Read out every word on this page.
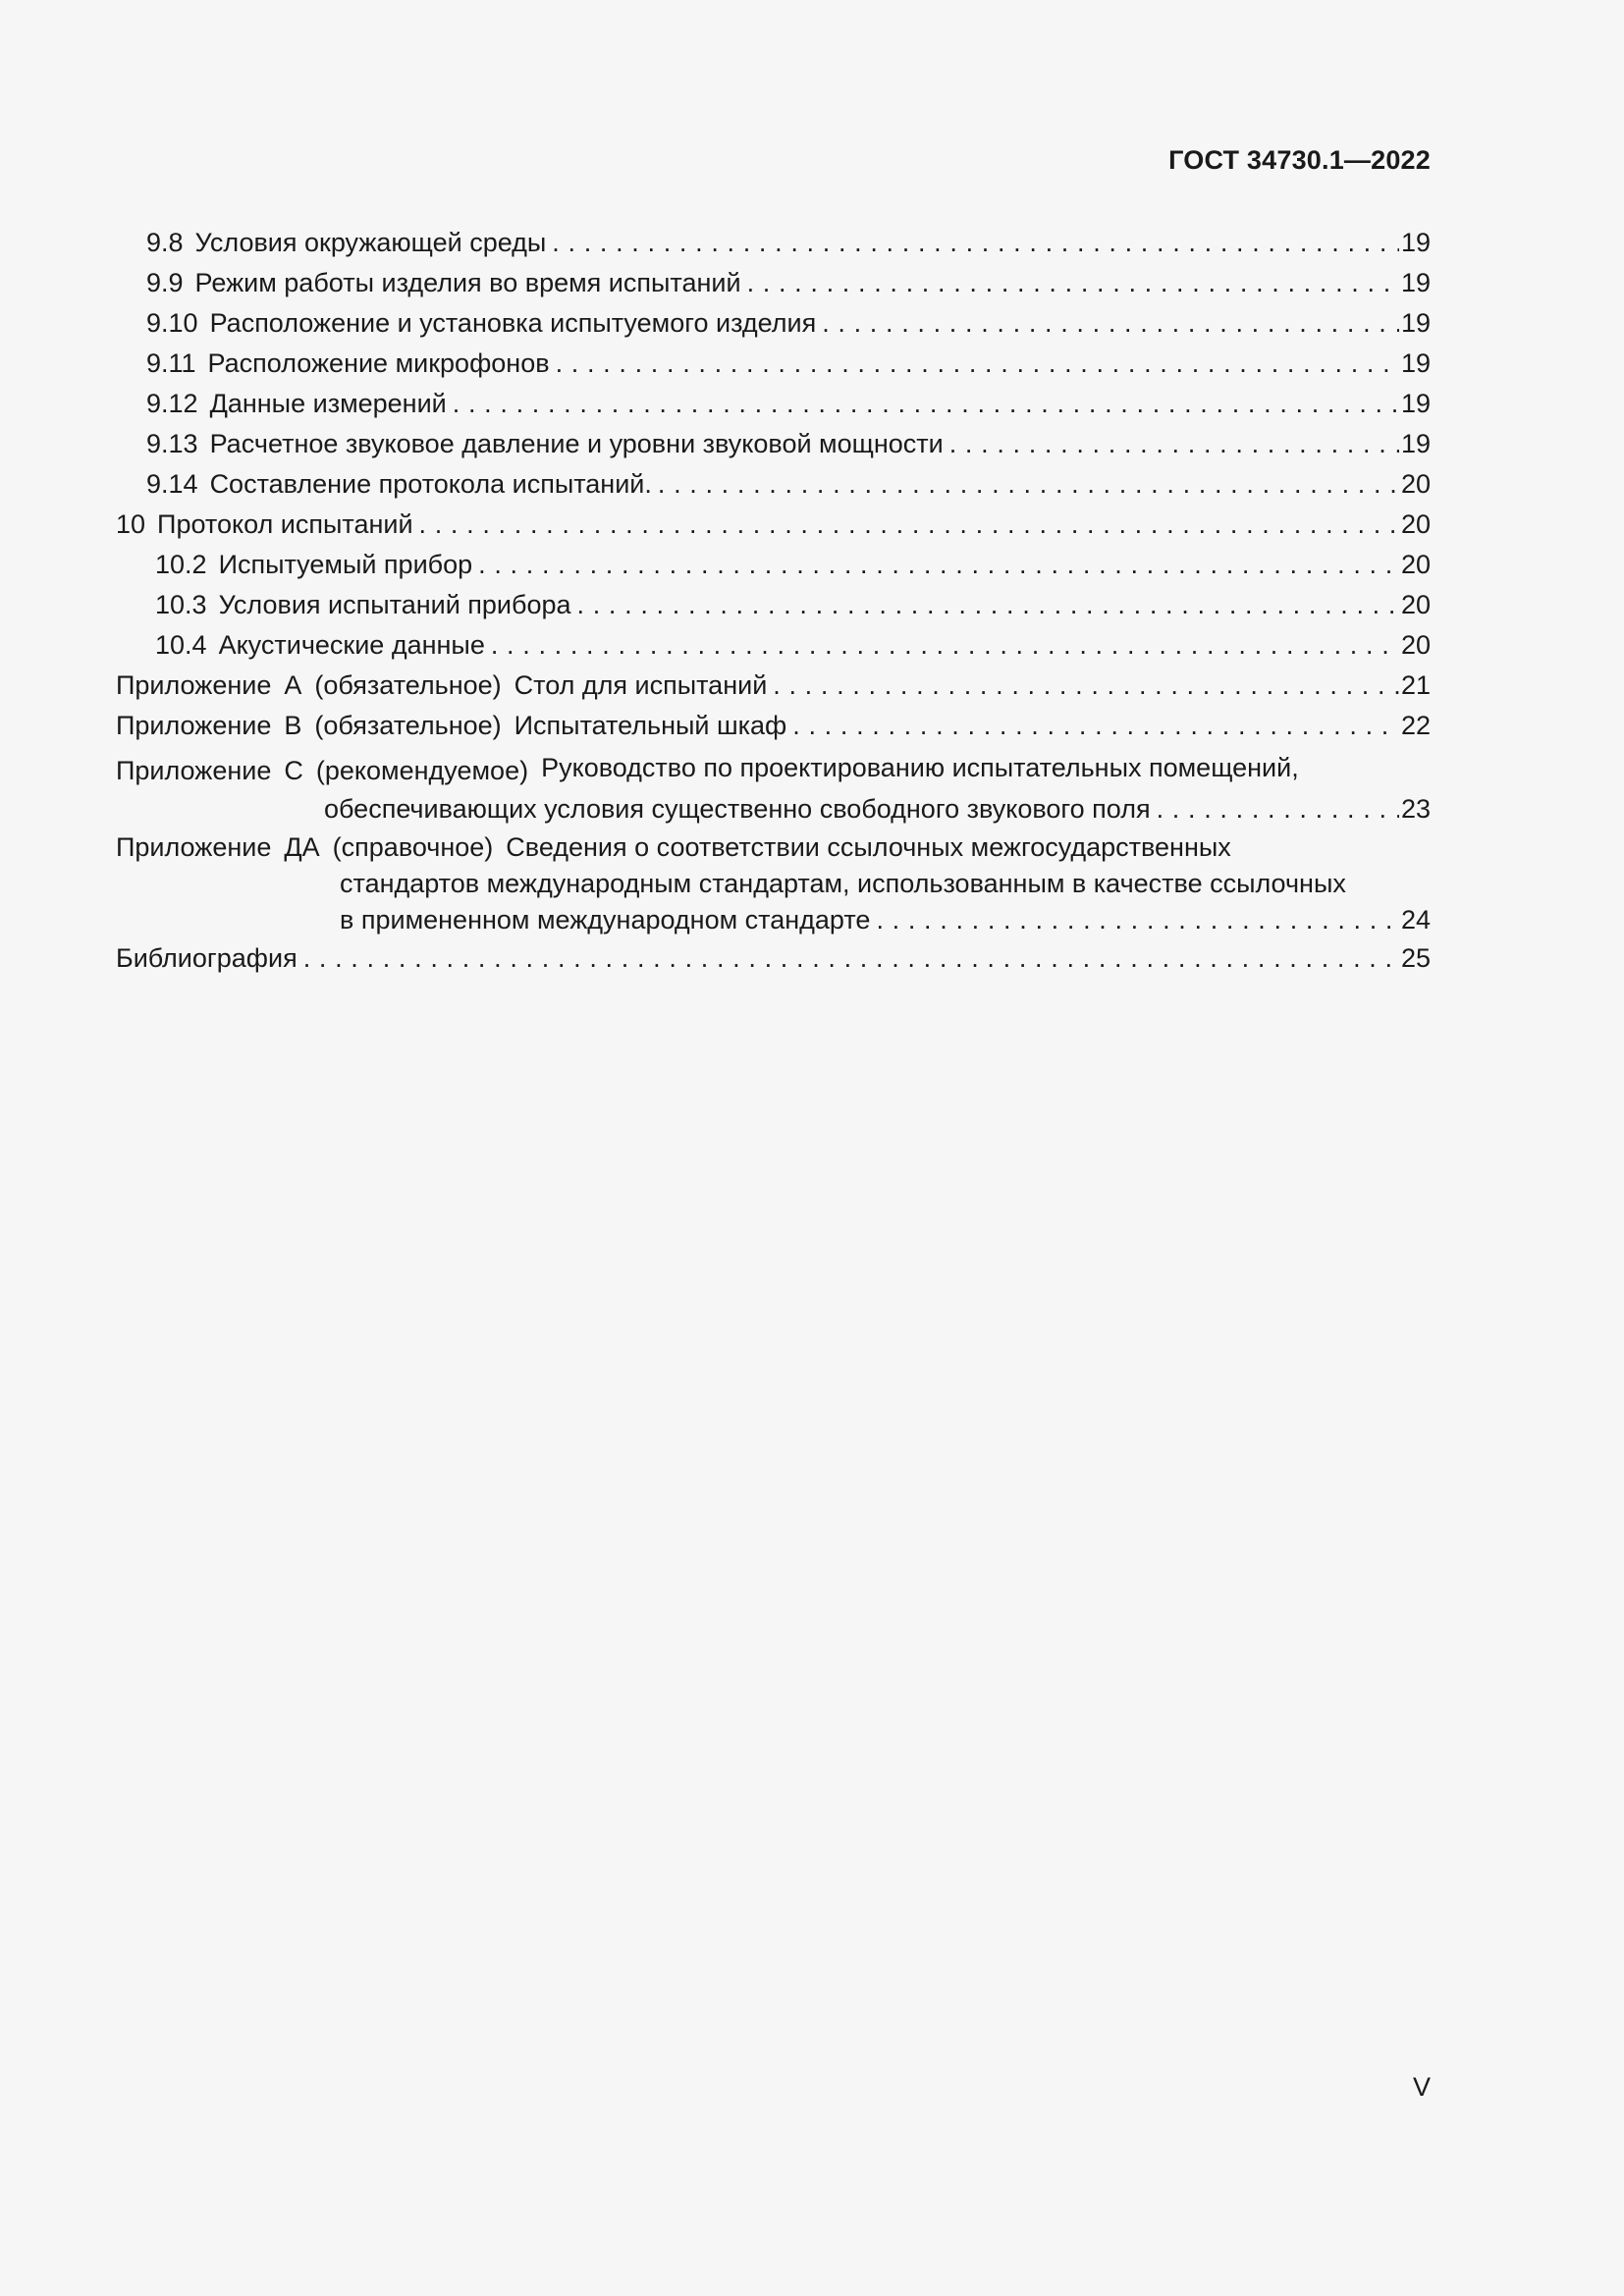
ГОСТ 34730.1—2022
9.8 Условия окружающей среды . . .	19
9.9 Режим работы изделия во время испытаний . . .	19
9.10 Расположение и установка испытуемого изделия . . .	19
9.11 Расположение микрофонов . . .	19
9.12 Данные измерений . . .	19
9.13 Расчетное звуковое давление и уровни звуковой мощности . . .	19
9.14 Составление протокола испытаний. . . .	20
10 Протокол испытаний . . .	20
10.2 Испытуемый прибор . . .	20
10.3 Условия испытаний прибора . . .	20
10.4 Акустические данные . . .	20
Приложение А (обязательное) Стол для испытаний . . .	21
Приложение В (обязательное) Испытательный шкаф . . .	22
Приложение С (рекомендуемое) Руководство по проектированию испытательных помещений,
обеспечивающих условия существенно свободного звукового поля . . .	23
Приложение ДА (справочное) Сведения о соответствии ссылочных межгосударственных
стандартов международным стандартам, использованным в качестве ссылочных
в примененном международном стандарте . . .	24
Библиография . . .	25
V
